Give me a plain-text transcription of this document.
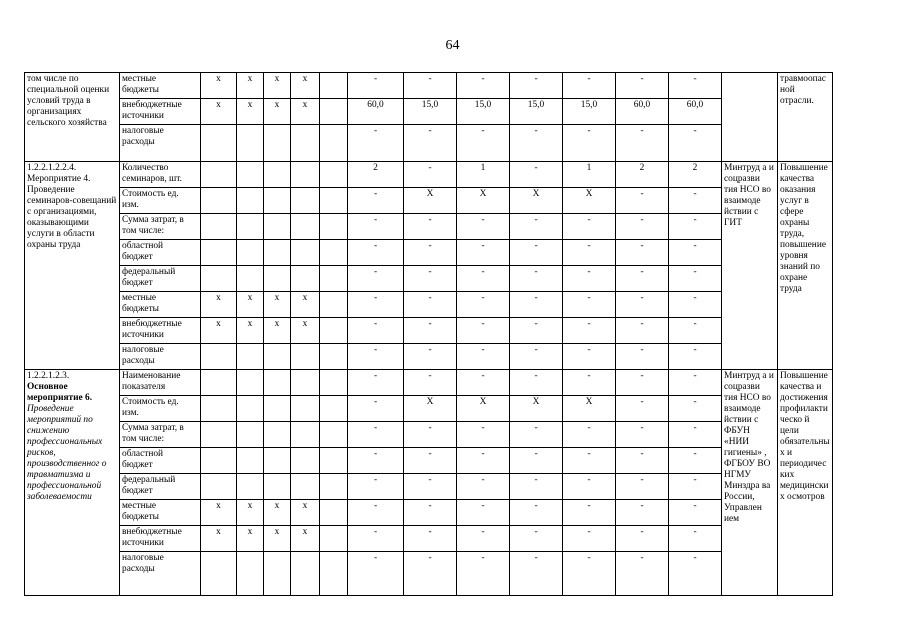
64
том числе по специальной оценки условий труда в организациях сельского хозяйства	местные
бюджеты	x	x	x	x		-	-	-	-	-	-	-		травмоопасной отрасли.
	внебюджетные
источники	x	x	x	x		60,0	15,0	15,0	15,0	15,0	60,0	60,0		
	налоговые
расходы						-	-	-	-	-	-	-		

1.2.2.1.2.2.4.
Мероприятие 4.
Проведение семинаров-совещаний с организациями, оказывающими услуги в области охраны труда	Количество
семинаров, шт.						2	-	1	-	1	2	2	Минтруд а и соцразви тия НСО во взаимоде йствии с ГИТ	Повышение качества оказания услуг в сфере охраны труда, повышение уровня знаний по охране труда
	Стоимость ед.
изм.						-	X	X	X	X	-	-		
	Сумма затрат, в
том числе:						-	-	-	-	-	-	-		
	областной
бюджет						-	-	-	-	-	-	-		
	федеральный
бюджет						-	-	-	-	-	-	-		
	местные
бюджеты	x	x	x	x		-	-	-	-	-	-	-		
	внебюджетные
источники	x	x	x	x		-	-	-	-	-	-	-		
	налоговые
расходы						-	-	-	-	-	-	-		

1.2.2.1.2.3.
Основное мероприятие 6.
Проведение мероприятий по снижению профессиональных рисков, производственног о травматизма и профессиональной заболеваемости	Наименование
показателя						-	-	-	-	-	-	-	Минтруд а и соцразви тия НСО во взаимоде йствии с ФБУН «НИИ гигиены» , ФГБОУ ВО НГМУ Минздра ва России, Управлен ием	Повышение качества и достижения профилактическо й цели обязательных и периодических медицинских осмотров
	Стоимость ед.
изм.						-	X	X	X	X	-	-		
	Сумма затрат, в
том числе:						-	-	-	-	-	-	-		
	областной
бюджет						-	-	-	-	-	-	-		
	федеральный
бюджет						-	-	-	-	-	-	-		
	местные
бюджеты	x	x	x	x		-	-	-	-	-	-	-		
	внебюджетные
источники	x	x	x	x		-	-	-	-	-	-	-		
	налоговые
расходы						-	-	-	-	-	-	-		
